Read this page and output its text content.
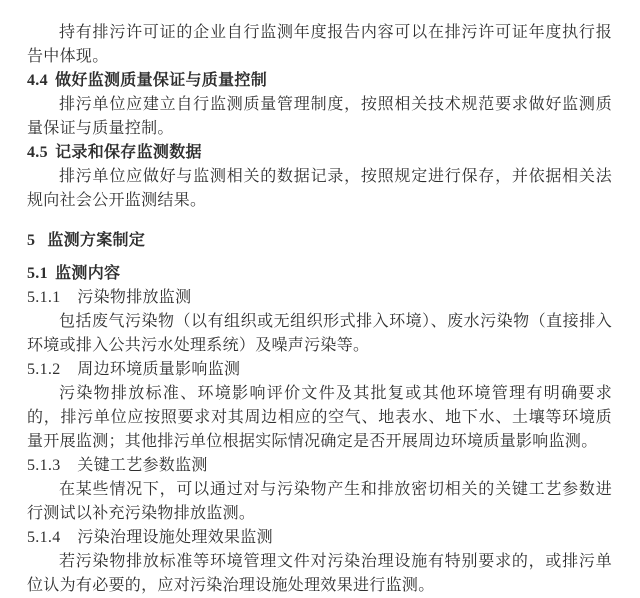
持有排污许可证的企业自行监测年度报告内容可以在排污许可证年度执行报告中体现。

4.4 做好监测质量保证与质量控制

排污单位应建立自行监测质量管理制度，按照相关技术规范要求做好监测质量保证与质量控制。

4.5 记录和保存监测数据

排污单位应做好与监测相关的数据记录，按照规定进行保存，并依据相关法规向社会公开监测结果。

5 监测方案制定

5.1 监测内容

5.1.1 污染物排放监测

包括废气污染物（以有组织或无组织形式排入环境）、废水污染物（直接排入环境或排入公共污水处理系统）及噪声污染等。

5.1.2 周边环境质量影响监测

污染物排放标准、环境影响评价文件及其批复或其他环境管理有明确要求的，排污单位应按照要求对其周边相应的空气、地表水、地下水、土壤等环境质量开展监测；其他排污单位根据实际情况确定是否开展周边环境质量影响监测。

5.1.3 关键工艺参数监测

在某些情况下，可以通过对与污染物产生和排放密切相关的关键工艺参数进行测试以补充污染物排放监测。

5.1.4 污染治理设施处理效果监测

若污染物排放标准等环境管理文件对污染治理设施有特别要求的，或排污单位认为有必要的，应对污染治理设施处理效果进行监测。
